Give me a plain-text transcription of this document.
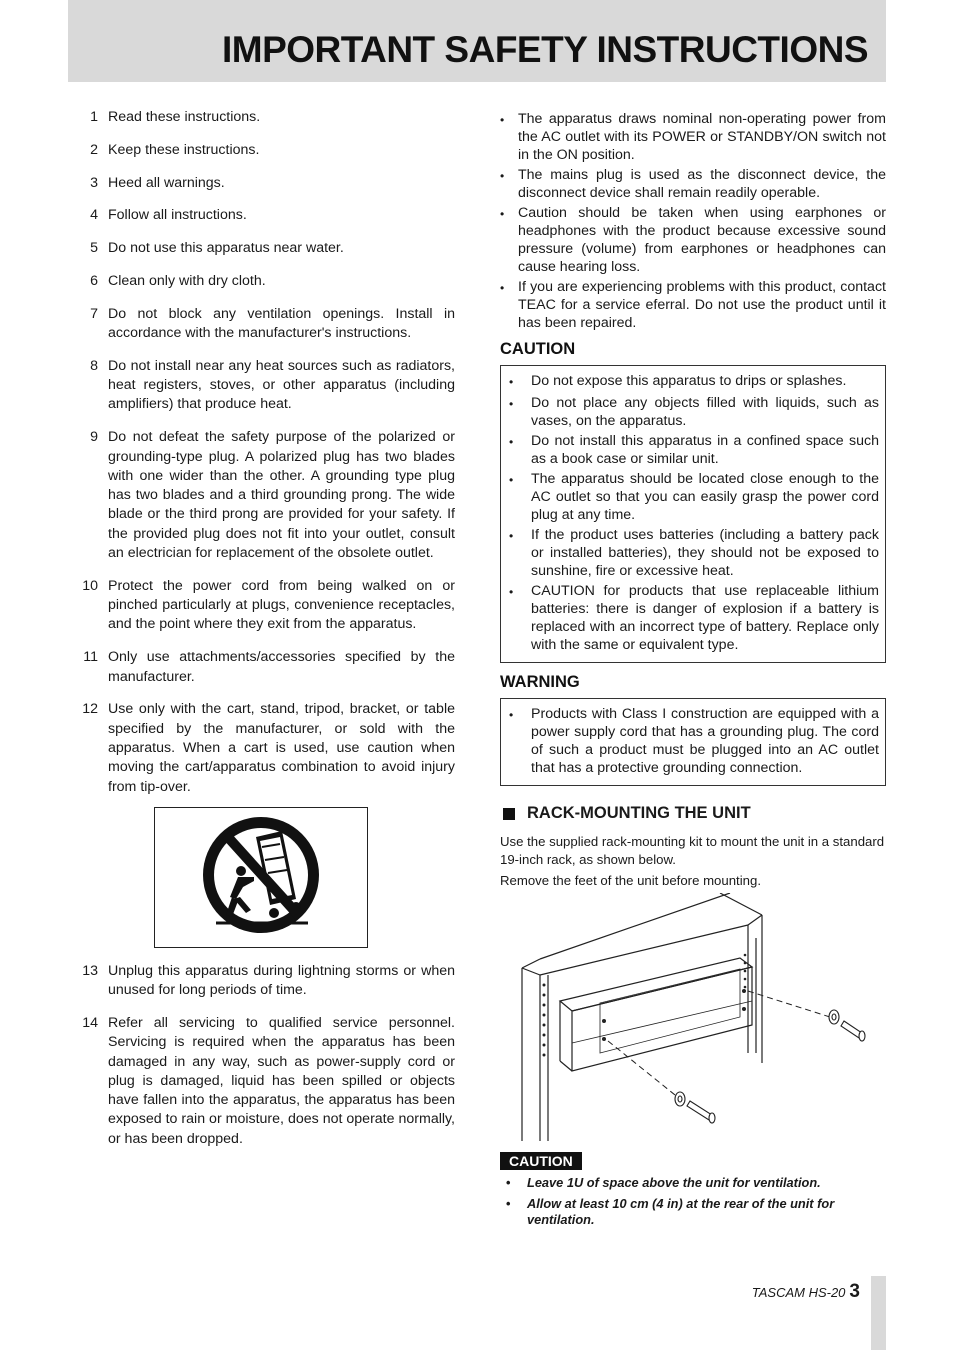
IMPORTANT SAFETY INSTRUCTIONS
1 Read these instructions.
2 Keep these instructions.
3 Heed all warnings.
4 Follow all instructions.
5 Do not use this apparatus near water.
6 Clean only with dry cloth.
7 Do not block any ventilation openings. Install in accordance with the manufacturer's instructions.
8 Do not install near any heat sources such as radiators, heat registers, stoves, or other apparatus (including amplifiers) that produce heat.
9 Do not defeat the safety purpose of the polarized or grounding-type plug. A polarized plug has two blades with one wider than the other. A grounding type plug has two blades and a third grounding prong. The wide blade or the third prong are provided for your safety. If the provided plug does not fit into your outlet, consult an electrician for replacement of the obsolete outlet.
10 Protect the power cord from being walked on or pinched particularly at plugs, convenience receptacles, and the point where they exit from the apparatus.
11 Only use attachments/accessories specified by the manufacturer.
12 Use only with the cart, stand, tripod, bracket, or table specified by the manufacturer, or sold with the apparatus. When a cart is used, use caution when moving the cart/apparatus combination to avoid injury from tip-over.
13 Unplug this apparatus during lightning storms or when unused for long periods of time.
14 Refer all servicing to qualified service personnel. Servicing is required when the apparatus has been damaged in any way, such as power-supply cord or plug is damaged, liquid has been spilled or objects have fallen into the apparatus, the apparatus has been exposed to rain or moisture, does not operate normally, or has been dropped.
• The apparatus draws nominal non-operating power from the AC outlet with its POWER or STANDBY/ON switch not in the ON position.
• The mains plug is used as the disconnect device, the disconnect device shall remain readily operable.
• Caution should be taken when using earphones or headphones with the product because excessive sound pressure (volume) from earphones or headphones can cause hearing loss.
• If you are experiencing problems with this product, contact TEAC for a service eferral. Do not use the product until it has been repaired.
CAUTION
•	Do not expose this apparatus to drips or splashes.
•	Do not place any objects filled with liquids, such as vases, on the apparatus.
•	Do not install this apparatus in a confined space such as a book case or similar unit.
•	The apparatus should be located close enough to the AC outlet so that you can easily grasp the power cord plug at any time.
•	If the product uses batteries (including a battery pack or installed batteries), they should not be exposed to sunshine, fire or excessive heat.
•	CAUTION for products that use replaceable lithium batteries: there is danger of explosion if a battery is replaced with an incorrect type of battery. Replace only with the same or equivalent type.
WARNING
•	Products with Class I construction are equipped with a power supply cord that has a grounding plug. The cord of such a product must be plugged into an AC outlet that has a protective grounding connection.
RACK-MOUNTING THE UNIT

Use the supplied rack-mounting kit to mount the unit in a standard 19-inch rack, as shown below.

Remove the feet of the unit before mounting.

CAUTION
•	Leave 1U of space above the unit for ventilation.
•	Allow at least 10 cm (4 in) at the rear of the unit for ventilation.
TASCAM HS-20 3
